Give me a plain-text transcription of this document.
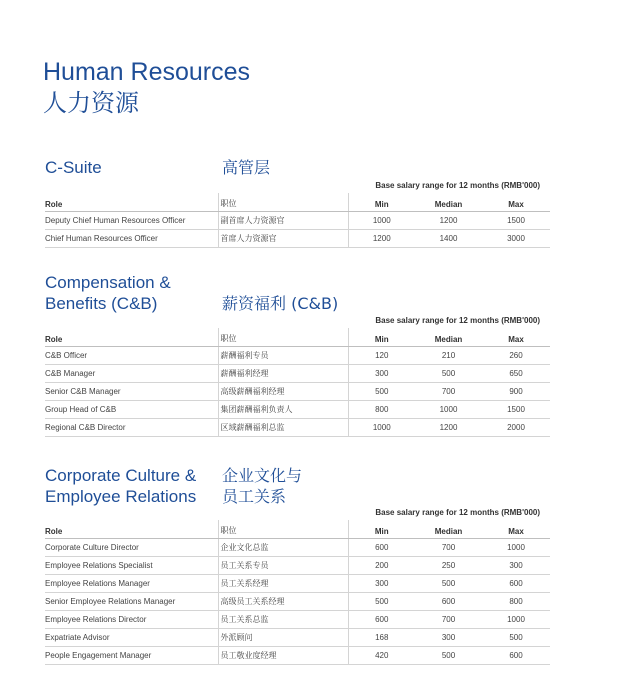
Human Resources
人力资源
C-Suite	高管层
Base salary range for 12 months (RMB'000)
Role	职位	Min	Median	Max
Deputy Chief Human Resources Officer	副首席人力资源官	1000	1200	1500
Chief Human Resources Officer	首席人力资源官	1200	1400	3000
Compensation &
Benefits (C&B)	薪资福利 (C&B)
Base salary range for 12 months (RMB'000)
Role	职位	Min	Median	Max
C&B Officer	薪酬福利专员	120	210	260
C&B Manager	薪酬福利经理	300	500	650
Senior C&B Manager	高级薪酬福利经理	500	700	900
Group Head of C&B	集团薪酬福利负责人	800	1000	1500
Regional C&B Director	区域薪酬福利总监	1000	1200	2000
Corporate Culture &
Employee Relations
企业文化与
员工关系
Base salary range for 12 months (RMB'000)
Role	职位	Min	Median	Max
Corporate Culture Director	企业文化总监	600	700	1000
Employee Relations Specialist	员工关系专员	200	250	300
Employee Relations Manager	员工关系经理	300	500	600
Senior Employee Relations Manager	高级员工关系经理	500	600	800
Employee Relations Director	员工关系总监	600	700	1000
Expatriate Advisor	外派顾问	168	300	500
People Engagement Manager	员工敬业度经理	420	500	600
